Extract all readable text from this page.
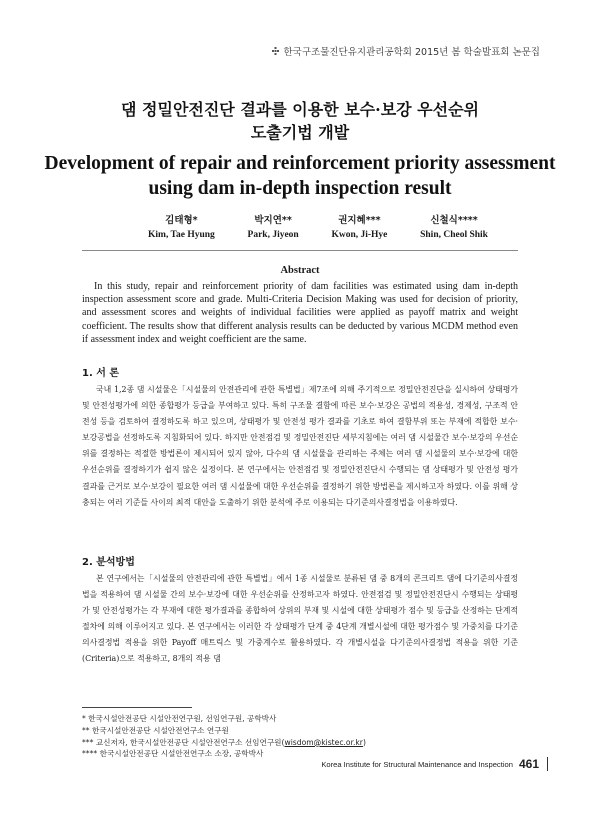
한국구조물진단유지관리공학회 2015년 봄 학술발표회 논문집
댐 정밀안전진단 결과를 이용한 보수·보강 우선순위
도출기법 개발
Development of repair and reinforcement priority assessment
using dam in-depth inspection result
김태형*
Kim, Tae Hyung
박지연**
Park, Jiyeon
권지혜***
Kwon, Ji-Hye
신철식****
Shin, Cheol Shik
Abstract
In this study, repair and reinforcement priority of dam facilities was estimated using dam in-depth inspection assessment score and grade. Multi-Criteria Decision Making was used for decision of priority, and assessment scores and weights of individual facilities were applied as payoff matrix and weight coefficient. The results show that different analysis results can be deducted by various MCDM method even if assessment index and weight coefficient are the same.
1. 서 론
국내 1,2종 댐 시설물은「시설물의 안전관리에 관한 특별법」제7조에 의해 주기적으로 정밀안전진단을 실시하여 상태평가 및 안전성평가에 의한 종합평가 등급을 부여하고 있다. 특히 구조물 결함에 따른 보수·보강은 공법의 적용성, 경제성, 구조적 안전성 등을 검토하여 결정하도록 하고 있으며, 상태평가 및 안전성 평가 결과를 기초로 하여 결함부위 또는 부재에 적합한 보수·보강공법을 선정하도록 지침화되어 있다. 하지만 안전점검 및 정밀안전진단 세부지침에는 여러 댐 시설물간 보수·보강의 우선순위를 결정하는 적절한 방법론이 제시되어 있지 않아, 다수의 댐 시설물을 관리하는 주체는 여러 댐 시설물의 보수·보강에 대한 우선순위를 결정하기가 쉽지 않은 실정이다. 본 연구에서는 안전점검 및 정밀안전진단시 수행되는 댐 상태평가 및 안전성 평가 결과를 근거로 보수·보강이 필요한 여러 댐 시설물에 대한 우선순위를 결정하기 위한 방법론을 제시하고자 하였다. 이를 위해 상충되는 여러 기준들 사이의 최적 대안을 도출하기 위한 분석에 주로 이용되는 다기준의사결정법을 이용하였다.
2. 분석방법
본 연구에서는「시설물의 안전관리에 관한 특별법」에서 1종 시설물로 분류된 댐 중 8개의 콘크리트 댐에 다기준의사결정법을 적용하여 댐 시설물 간의 보수·보강에 대한 우선순위를 산정하고자 하였다. 안전점검 및 정밀안전진단시 수행되는 상태평가 및 안전성평가는 각 부재에 대한 평가결과를 종합하여 상위의 부재 및 시설에 대한 상태평가 점수 및 등급을 산정하는 단계적 절차에 의해 이루어지고 있다. 본 연구에서는 이러한 각 상태평가 단계 중 4단계 개별시설에 대한 평가점수 및 가중치를 다기준의사결정법 적용을 위한 Payoff 매트릭스 및 가중계수로 활용하였다. 각 개별시설을 다기준의사결정법 적용을 위한 기준(Criteria)으로 적용하고, 8개의 적용 댐
* 한국시설안전공단 시설안전연구원, 선임연구원, 공학박사
** 한국시설안전공단 시설안전연구소 연구원
*** 교신저자, 한국시설안전공단 시설안전연구소 선임연구원(wisdom@kistec.or.kr)
**** 한국시설안전공단 시설안전연구소 소장, 공학박사
Korea Institute for Structural Maintenance and Inspection 461
